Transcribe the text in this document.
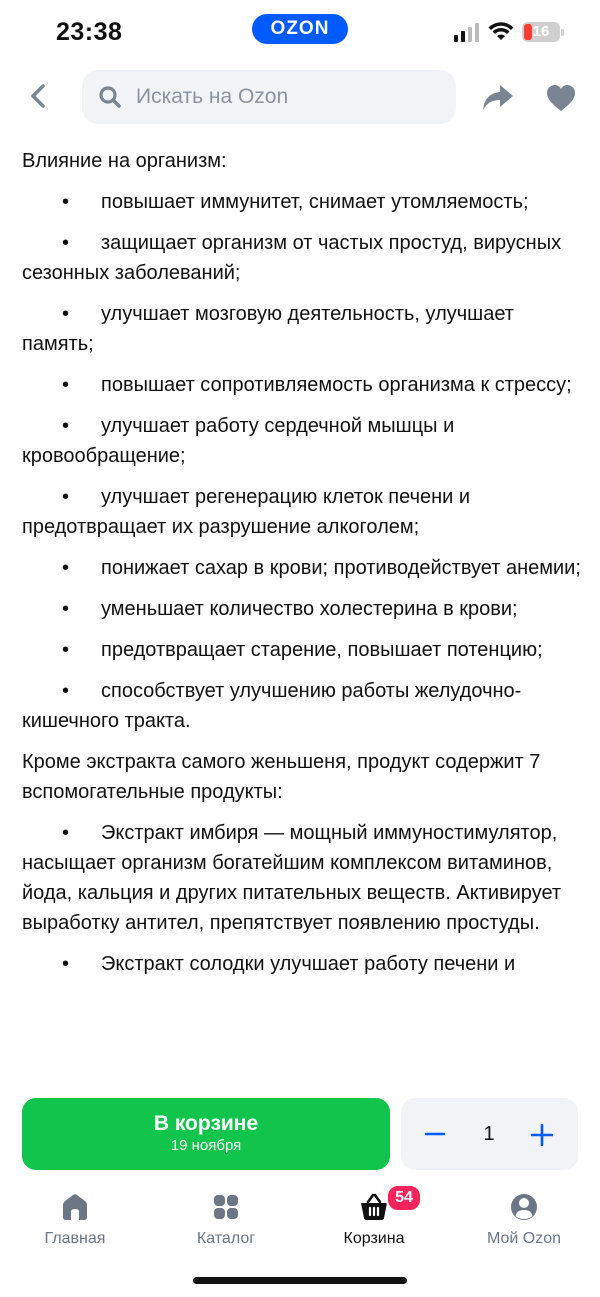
23:38	OZON	16
Искать на Ozon

Влияние на организм:

• повышает иммунитет, снимает утомляемость;
• защищает организм от частых простуд, вирусных сезонных заболеваний;
• улучшает мозговую деятельность, улучшает память;
• повышает сопротивляемость организма к стрессу;
• улучшает работу сердечной мышцы и кровообращение;
• улучшает регенерацию клеток печени и предотвращает их разрушение алкоголем;
• понижает сахар в крови; противодействует анемии;
• уменьшает количество холестерина в крови;
• предотвращает старение, повышает потенцию;
• способствует улучшению работы желудочно-кишечного тракта.

Кроме экстракта самого женьшеня, продукт содержит 7 вспомогательные продукты:

• Экстракт имбиря — мощный иммуностимулятор, насыщает организм богатейшим комплексом витаминов, йода, кальция и других питательных веществ. Активирует выработку антител, препятствует появлению простуды.
• Экстракт солодки улучшает работу печени и
В корзине
19 ноября
1
Главная	Каталог	Корзина
54
Мой Ozon
